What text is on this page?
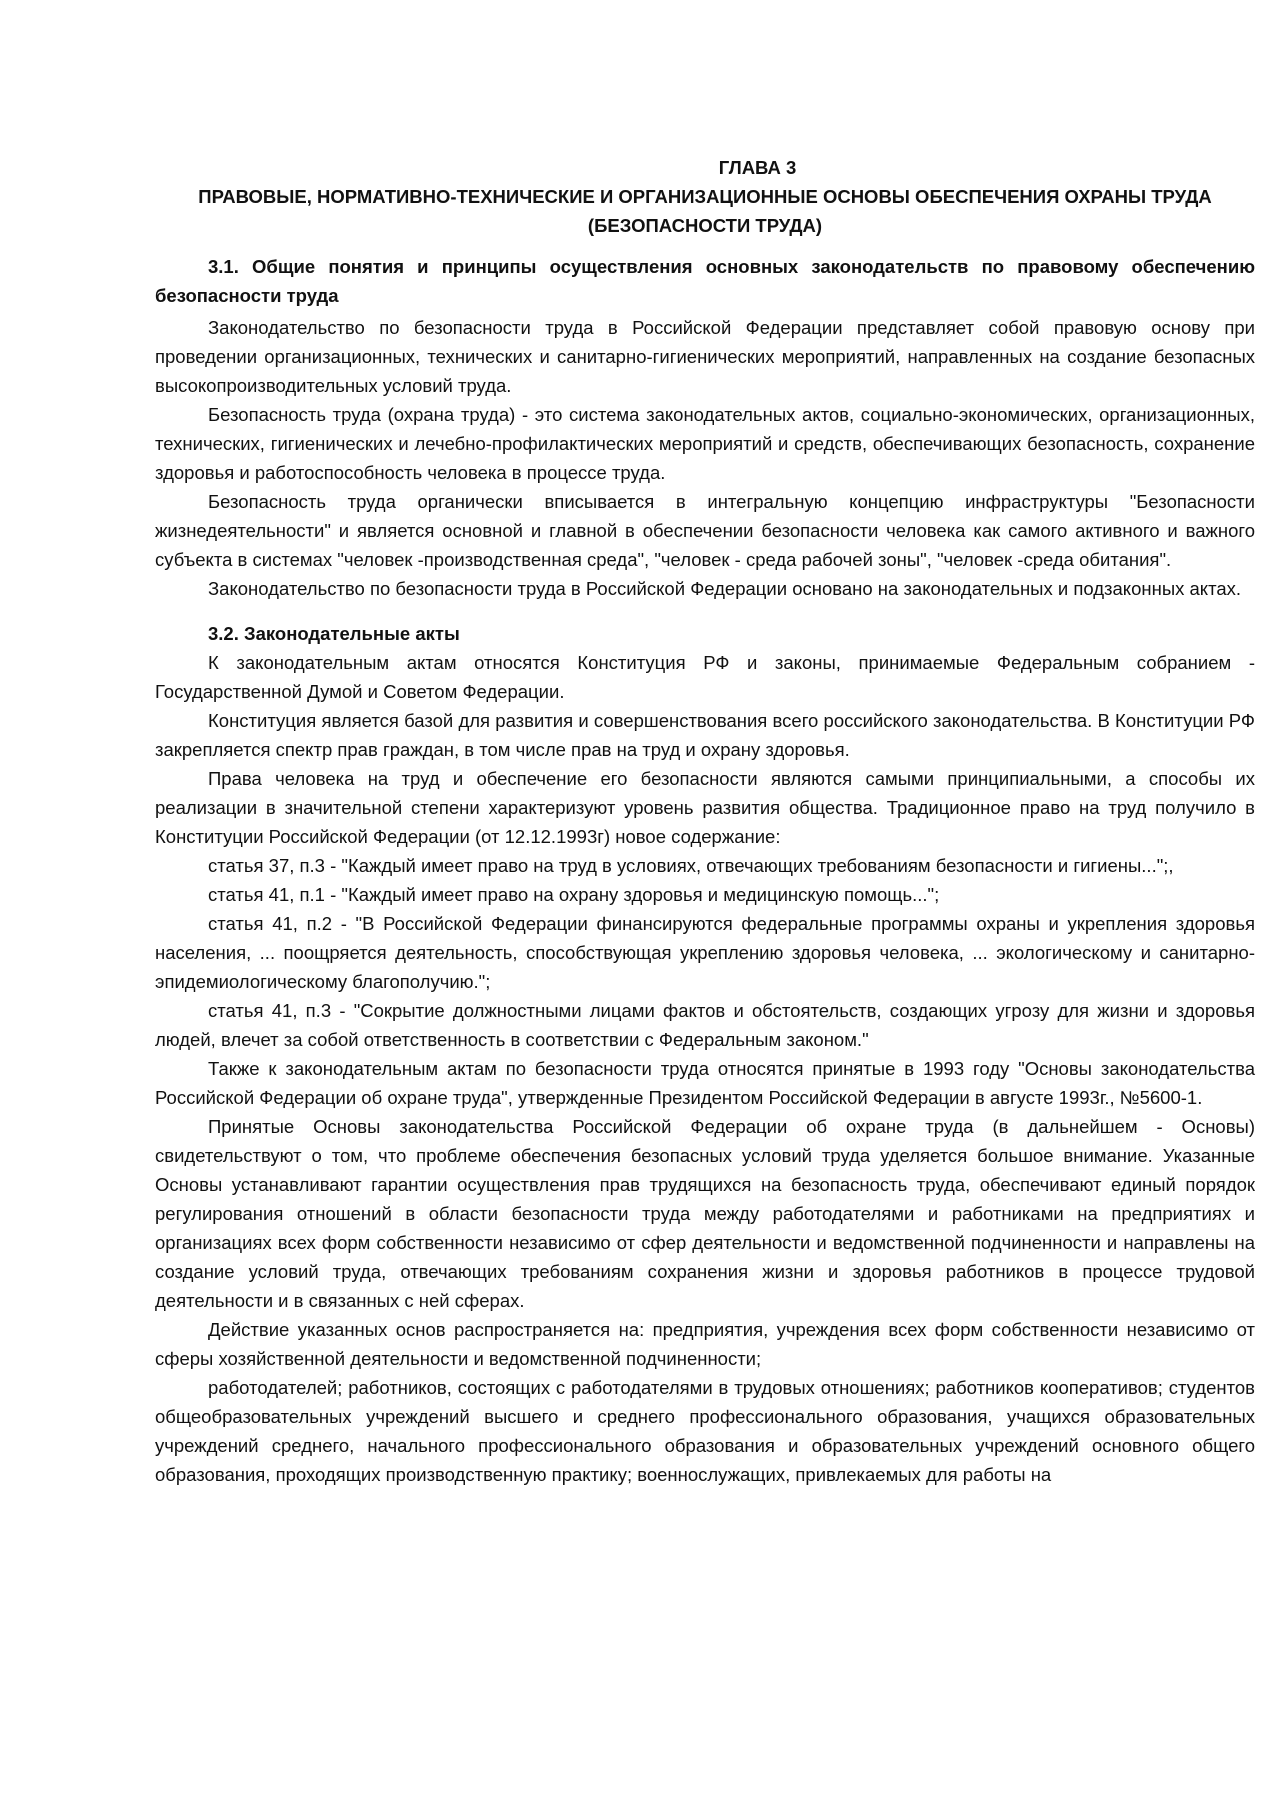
ГЛАВА 3
ПРАВОВЫЕ, НОРМАТИВНО-ТЕХНИЧЕСКИЕ И ОРГАНИЗАЦИОННЫЕ ОСНОВЫ ОБЕСПЕЧЕНИЯ ОХРАНЫ ТРУДА (БЕЗОПАСНОСТИ ТРУДА)
3.1. Общие понятия и принципы осуществления основных законодательств по правовому обеспечению безопасности труда

Законодательство по безопасности труда в Российской Федерации представляет собой правовую основу при проведении организационных, технических и санитарно-гигиенических мероприятий, направленных на создание безопасных высокопроизводительных условий труда.

Безопасность труда (охрана труда) - это система законодательных актов, социально-экономических, организационных, технических, гигиенических и лечебно-профилактических мероприятий и средств, обеспечивающих безопасность, сохранение здоровья и работоспособность человека в процессе труда.

Безопасность труда органически вписывается в интегральную концепцию инфраструктуры "Безопасности жизнедеятельности" и является основной и главной в обеспечении безопасности человека как самого активного и важного субъекта в системах "человек -производственная среда", "человек - среда рабочей зоны", "человек -среда обитания".

Законодательство по безопасности труда в Российской Федерации основано на законодательных и подзаконных актах.

3.2. Законодательные акты

К законодательным актам относятся Конституция РФ и законы, принимаемые Федеральным собранием - Государственной Думой и Советом Федерации.

Конституция является базой для развития и совершенствования всего российского законодательства. В Конституции РФ закрепляется спектр прав граждан, в том числе прав на труд и охрану здоровья.

Права человека на труд и обеспечение его безопасности являются самыми принципиальными, а способы их реализации в значительной степени характеризуют уровень развития общества. Традиционное право на труд получило в Конституции Российской Федерации (от 12.12.1993г) новое содержание:

статья 37, п.3 - "Каждый имеет право на труд в условиях, отвечающих требованиям безопасности и гигиены...";,

статья 41, п.1 - "Каждый имеет право на охрану здоровья и медицинскую помощь...";

статья 41, п.2 - "В Российской Федерации финансируются федеральные программы охраны и укрепления здоровья населения, ... поощряется деятельность, способствующая укреплению здоровья человека, ... экологическому и санитарно-эпидемиологическому благополучию.";

статья 41, п.3 - "Сокрытие должностными лицами фактов и обстоятельств, создающих угрозу для жизни и здоровья людей, влечет за собой ответственность в соответствии с Федеральным законом."

Также к законодательным актам по безопасности труда относятся принятые в 1993 году "Основы законодательства Российской Федерации об охране труда", утвержденные Президентом Российской Федерации в августе 1993г., №5600-1.

Принятые Основы законодательства Российской Федерации об охране труда (в дальнейшем - Основы) свидетельствуют о том, что проблеме обеспечения безопасных условий труда уделяется большое внимание. Указанные Основы устанавливают гарантии осуществления прав трудящихся на безопасность труда, обеспечивают единый порядок регулирования отношений в области безопасности труда между работодателями и работниками на предприятиях и организациях всех форм собственности независимо от сфер деятельности и ведомственной подчиненности и направлены на создание условий труда, отвечающих требованиям сохранения жизни и здоровья работников в процессе трудовой деятельности и в связанных с ней сферах.

Действие указанных основ распространяется на: предприятия, учреждения всех форм собственности независимо от сферы хозяйственной деятельности и ведомственной подчиненности;

работодателей; работников, состоящих с работодателями в трудовых отношениях; работников кооперативов; студентов общеобразовательных учреждений высшего и среднего профессионального образования, учащихся образовательных учреждений среднего, начального профессионального образования и образовательных учреждений основного общего образования, проходящих производственную практику; военнослужащих, привлекаемых для работы на
